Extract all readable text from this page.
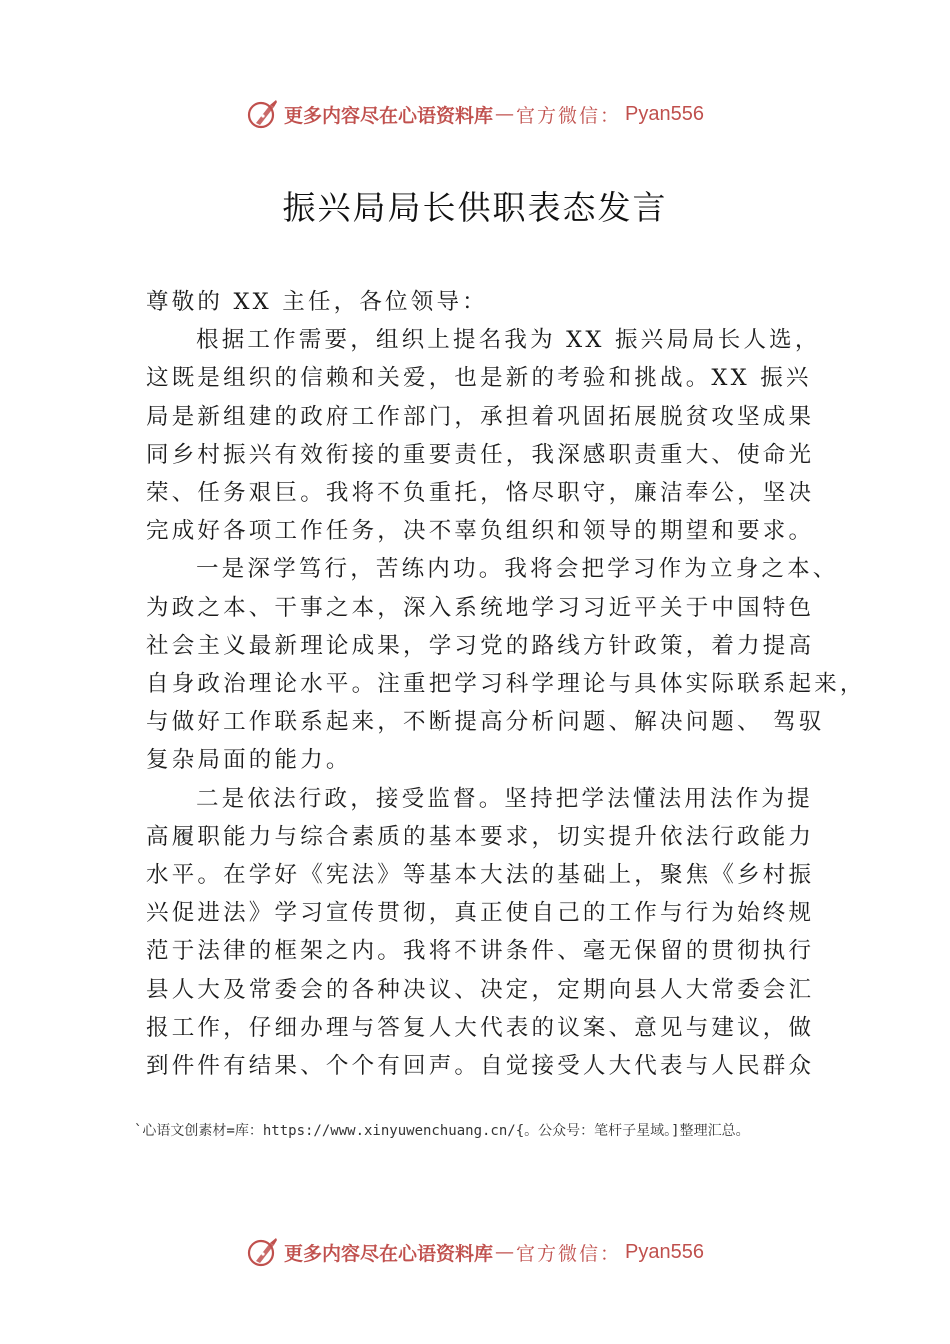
更多内容尽在心语资料库 — 官方微信： Pyan556
振兴局局长供职表态发言
尊敬的 XX 主任，各位领导：
根据工作需要，组织上提名我为 XX 振兴局局长人选，
这既是组织的信赖和关爱，也是新的考验和挑战。XX 振兴
局是新组建的政府工作部门，承担着巩固拓展脱贫攻坚成果
同乡村振兴有效衔接的重要责任，我深感职责重大、使命光
荣、任务艰巨。我将不负重托，恪尽职守，廉洁奉公，坚决
完成好各项工作任务，决不辜负组织和领导的期望和要求。
一是深学笃行，苦练内功。我将会把学习作为立身之本、
为政之本、干事之本，深入系统地学习习近平关于中国特色
社会主义最新理论成果，学习党的路线方针政策，着力提高
自身政治理论水平。注重把学习科学理论与具体实际联系起来，
与做好工作联系起来，不断提高分析问题、解决问题、 驾驭
复杂局面的能力。
二是依法行政，接受监督。坚持把学法懂法用法作为提
高履职能力与综合素质的基本要求，切实提升依法行政能力
水平。在学好《宪法》等基本大法的基础上，聚焦《乡村振
兴促进法》学习宣传贯彻，真正使自己的工作与行为始终规
范于法律的框架之内。我将不讲条件、毫无保留的贯彻执行
县人大及常委会的各种决议、决定，定期向县人大常委会汇
报工作，仔细办理与答复人大代表的议案、意见与建议，做
到件件有结果、个个有回声。自觉接受人大代表与人民群众
`心语文创素材=库：https://www.xinyuwenchuang.cn/{。公众号：笔杆子星域。]整理汇总。
更多内容尽在心语资料库 — 官方微信： Pyan556
